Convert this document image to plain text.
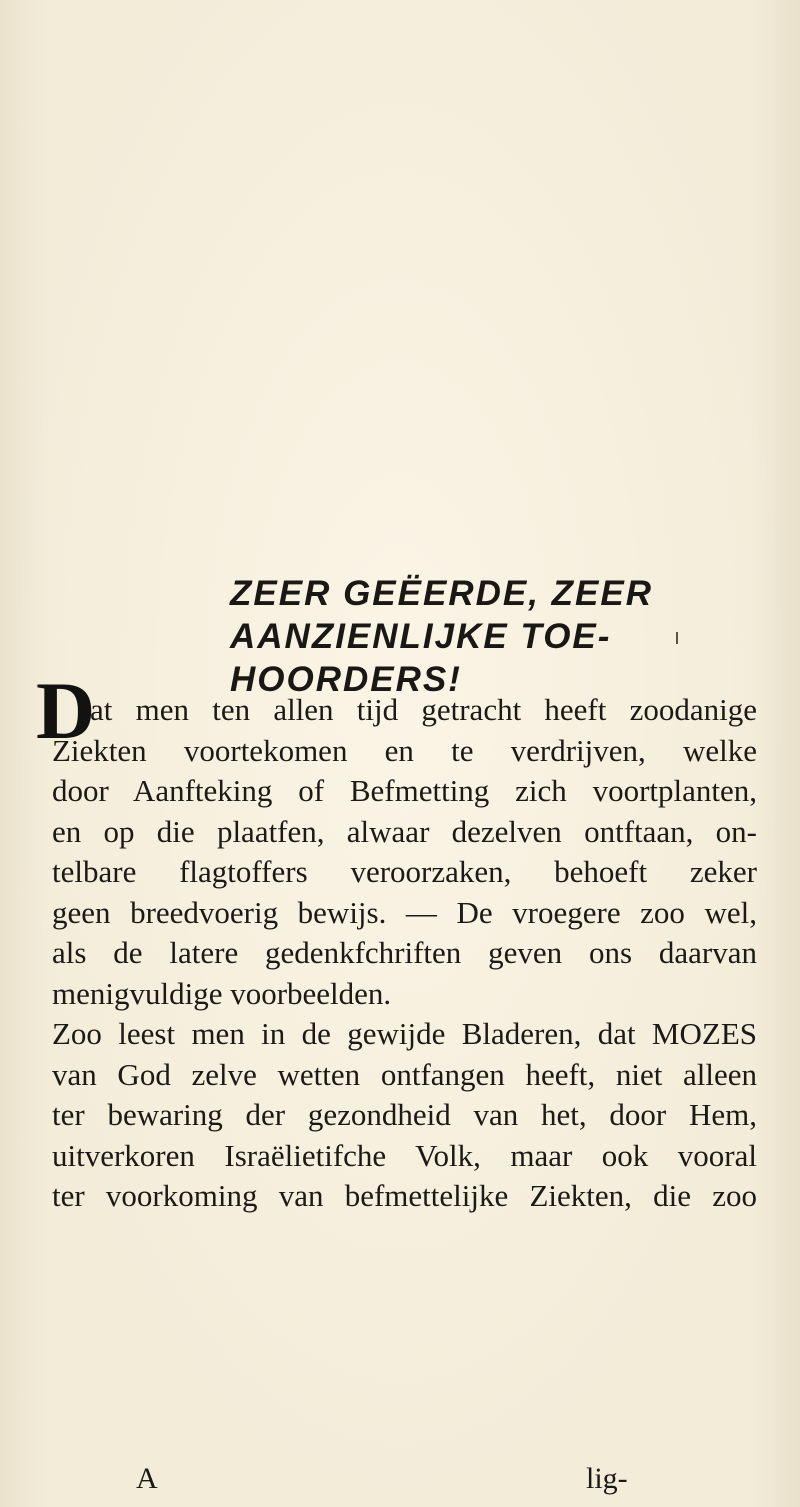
ZEER GEËERDE, ZEER
AANZIENLIJKE TOE-
HOORDERS!
D
at men ten allen tijd getracht heeft zoodanige
Ziekten voortekomen en te verdrijven, welke
door Aanfteking of Befmetting zich voortplanten,
en op die plaatfen, alwaar dezelven ontftaan, on-
telbare flagtoffers veroorzaken, behoeft zeker
geen breedvoerig bewijs. — De vroegere zoo wel,
als de latere gedenkfchriften geven ons daarvan
menigvuldige voorbeelden.
Zoo leest men in de gewijde Bladeren, dat MOZES
van God zelve wetten ontfangen heeft, niet alleen
ter bewaring der gezondheid van het, door Hem,
uitverkoren Israëlietifche Volk, maar ook vooral
ter voorkoming van befmettelijke Ziekten, die zoo
A	lig-
